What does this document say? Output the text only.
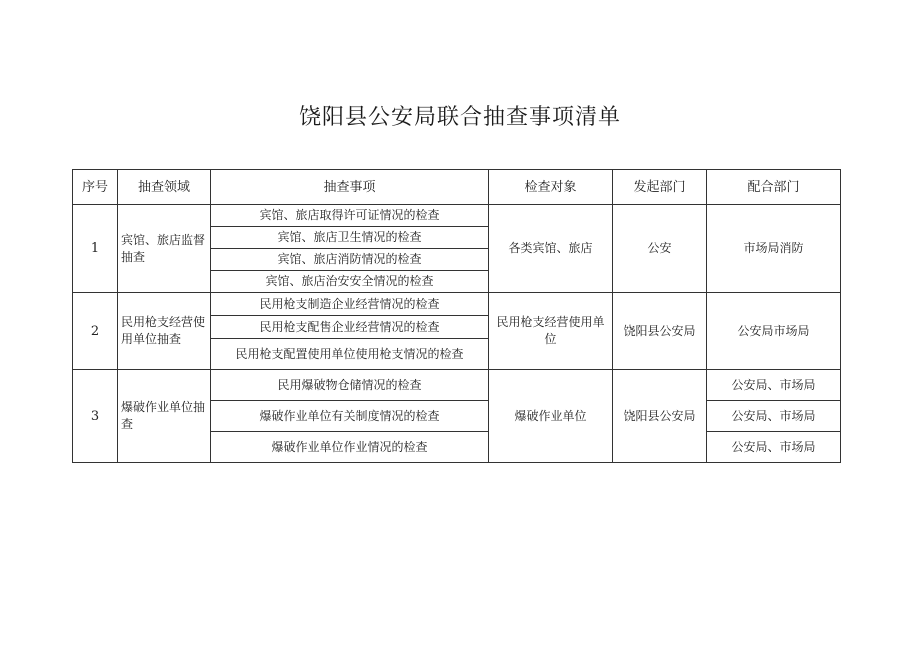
饶阳县公安局联合抽查事项清单
序号	抽查领域	抽查事项	检查对象	发起部门	配合部门
1	宾馆、旅店监督抽查	宾馆、旅店取得许可证情况的检查	各类宾馆、旅店	公安	市场局消防
		宾馆、旅店卫生情况的检查			
		宾馆、旅店消防情况的检查			
		宾馆、旅店治安安全情况的检查			
2	民用枪支经营使用单位抽查	民用枪支制造企业经营情况的检查	民用枪支经营使用单位	饶阳县公安局	公安局市场局
		民用枪支配售企业经营情况的检查			
		民用枪支配置使用单位使用枪支情况的检查			
3	爆破作业单位抽查	民用爆破物仓储情况的检查	爆破作业单位	饶阳县公安局	公安局、市场局
		爆破作业单位有关制度情况的检查			公安局、市场局
		爆破作业单位作业情况的检查			公安局、市场局
